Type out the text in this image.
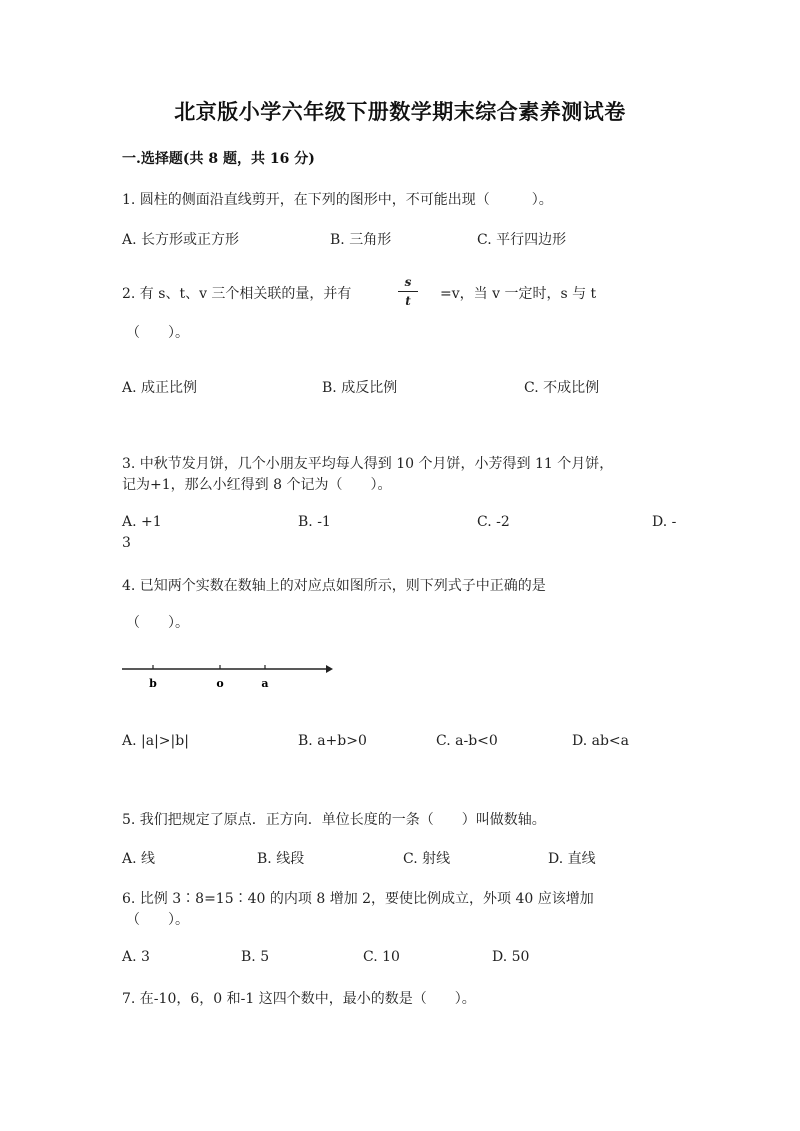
北京版小学六年级下册数学期末综合素养测试卷
一.选择题(共 8 题，共 16 分)
1. 圆柱的侧面沿直线剪开，在下列的图形中，不可能出现（　　　）。
A. 长方形或正方形	B. 三角形	C. 平行四边形
2. 有 s、t、v 三个相关联的量，并有
s
t	=v，当 v 一定时，s 与 t
（　　）。
A. 成正比例	B. 成反比例	C. 不成比例
3. 中秋节发月饼，几个小朋友平均每人得到 10 个月饼，小芳得到 11 个月饼，
记为+1，那么小红得到 8 个记为（　　）。
A. +1	B. -1	C. -2	D. -
3
4. 已知两个实数在数轴上的对应点如图所示，则下列式子中正确的是
（　　）。
b	o	a
A. |a|>|b|	B. a+b>0	C. a-b<0	D. ab<a
5. 我们把规定了原点．正方向．单位长度的一条（　　）叫做数轴。
A. 线	B. 线段	C. 射线	D. 直线
6. 比例 3∶8=15∶40 的内项 8 增加 2，要使比例成立，外项 40 应该增加
（　　）。
A. 3	B. 5	C. 10	D. 50
7. 在-10，6，0 和-1 这四个数中，最小的数是（　　）。
